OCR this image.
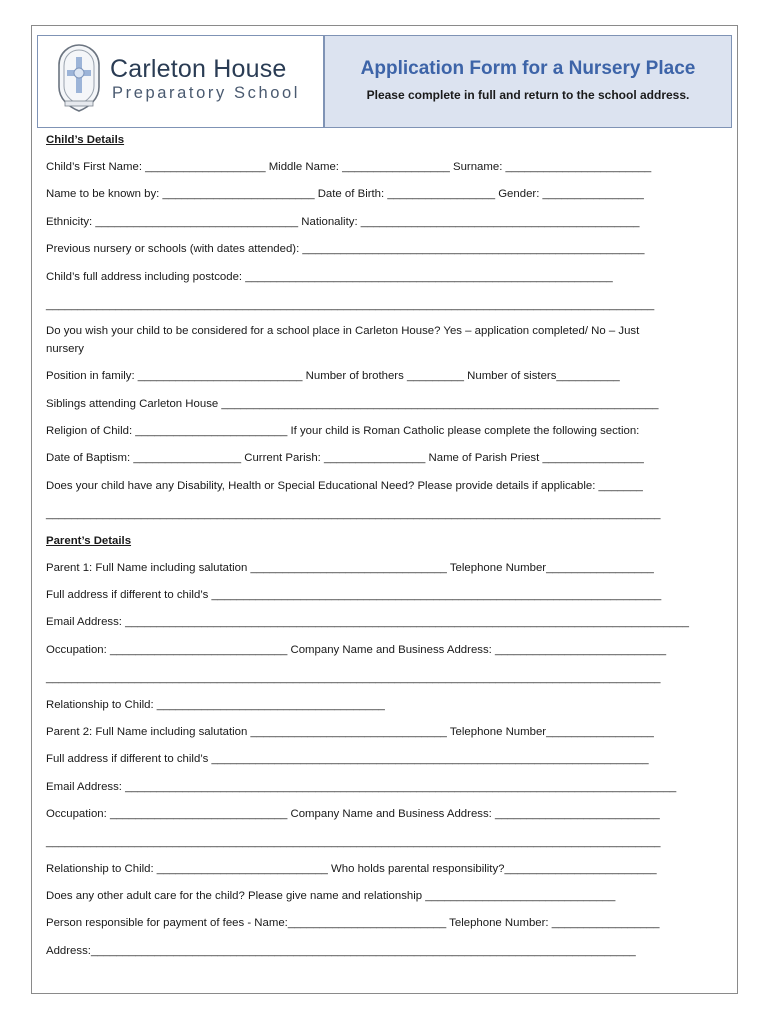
Carleton House
Preparatory School
Application Form for a Nursery Place
Please complete in full and return to the school address.
Child’s Details
Child’s First Name: ___________________ Middle Name: _________________ Surname: _______________________
Name to be known by: ________________________ Date of Birth: _________________ Gender: ________________
Ethnicity: ________________________________ Nationality: ____________________________________________
Previous nursery or schools (with dates attended): ______________________________________________________
Child’s full address including postcode: __________________________________________________________
________________________________________________________________________________________________
Do you wish your child to be considered for a school place in Carleton House? Yes – application completed/ No – Just
nursery
Position in family: __________________________ Number of brothers _________ Number of sisters__________
Siblings attending Carleton House _____________________________________________________________________
Religion of Child: ________________________ If your child is Roman Catholic please complete the following section:
Date of Baptism: _________________ Current Parish: ________________ Name of Parish Priest ________________
Does your child have any Disability, Health or Special Educational Need? Please provide details if applicable: _______
_________________________________________________________________________________________________
Parent’s Details
Parent 1: Full Name including salutation _______________________________ Telephone Number_________________
Full address if different to child’s _______________________________________________________________________
Email Address: _________________________________________________________________________________________
Occupation: ____________________________ Company Name and Business Address: ___________________________
_________________________________________________________________________________________________
Relationship to Child: ____________________________________
Parent 2: Full Name including salutation _______________________________ Telephone Number_________________
Full address if different to child’s _____________________________________________________________________
Email Address: _______________________________________________________________________________________
Occupation: ____________________________ Company Name and Business Address: __________________________
_________________________________________________________________________________________________
Relationship to Child: ___________________________ Who holds parental responsibility?________________________
Does any other adult care for the child? Please give name and relationship ______________________________
Person responsible for payment of fees - Name:_________________________ Telephone Number: _________________
Address:______________________________________________________________________________________
